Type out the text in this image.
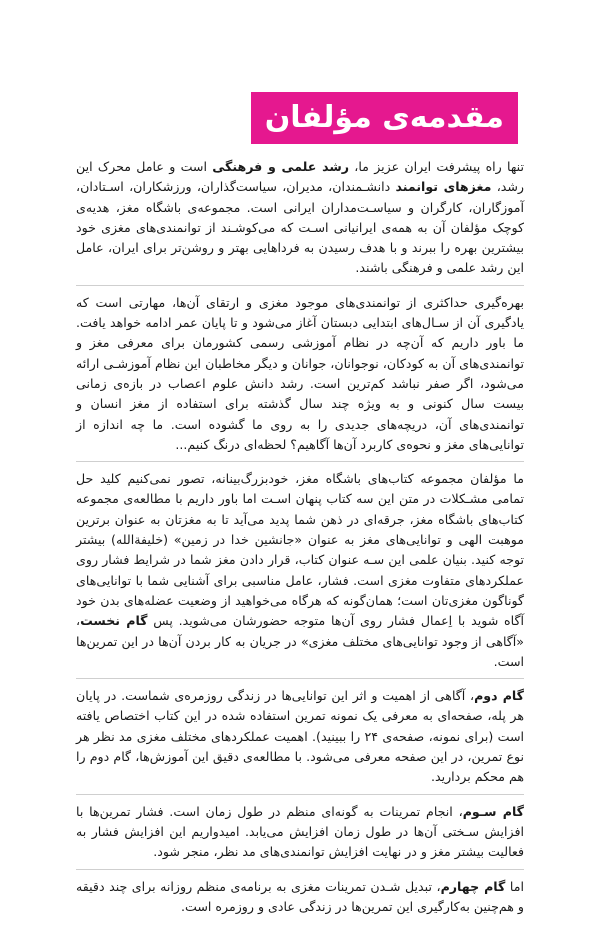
مقدمه‌ی مؤلفان

تنها راه پیشرفت ایران عزیز ما، رشد علمی و فرهنگی است و عامل محرک این رشد، مغزهای توانمند دانشـمندان، مدیران، سیاست‌گذاران، ورزشکاران، اسـتادان، آموزگاران، کارگران و سیاسـت‌مداران ایرانی است. مجموعه‌ی باشگاه مغز، هدیه‌ی کوچک مؤلفان آن به همه‌ی ایرانیانی اسـت که می‌کوشـند از توانمندی‌های مغزی خود بیشترین بهره را ببرند و با هدف رسیدن به فرداهایی بهتر و روشن‌تر برای ایران، عامل این رشد علمی و فرهنگی باشند.

بهره‌گیری حداکثری از توانمندی‌های موجود مغزی و ارتقای آن‌ها، مهارتی است که یادگیری آن از سـال‌های ابتدایی دبستان آغاز می‌شود و تا پایان عمر ادامه خواهد یافت. ما باور داریم که آن‌چه در نظام آموزشی رسمی کشورمان برای معرفی مغز و توانمندی‌های آن به کودکان، نوجوانان، جوانان و دیگر مخاطبان این نظام آموزشـی ارائه می‌شود، اگر صفر نباشد کم‌ترین است. رشد دانش علوم اعصاب در بازه‌ی زمانی بیست سال کنونی و به ویژه چند سال گذشته برای استفاده از مغز انسان و توانمندی‌های آن، دریچه‌های جدیدی را به روی ما گشوده است. ما چه اندازه از توانایی‌های مغز و نحوه‌ی کاربرد آن‌ها آگاهیم؟ لحظه‌ای درنگ کنیم...

ما مؤلفان مجموعه کتاب‌های باشگاه مغز، خودبزرگ‌بینانه، تصور نمی‌کنیم کلید حل تمامی مشـکلات در متن این سه کتاب پنهان اسـت اما باور داریم با مطالعه‌ی مجموعه کتاب‌های باشگاه مغز، جرقه‌ای در ذهن شما پدید می‌آید تا به مغزتان به عنوان برترین موهبت الهی و توانایی‌های مغز به عنوان «جانشین خدا در زمین» (خلیفةالله) بیشتر توجه کنید. بنیان علمی این سـه عنوان کتاب، قرار دادن مغز شما در شرایط فشار روی عملکردهای متفاوت مغزی است. فشار، عامل مناسبی برای آشنایی شما با توانایی‌های گوناگون مغزی‌تان است؛ همان‌گونه که هرگاه می‌خواهید از وضعیت عضله‌های بدن خود آگاه شوید با اِعمال فشار روی آن‌ها متوجه حضورشان می‌شوید. پس گام نخست، «آگاهی از وجود توانایی‌های مختلف مغزی» در جریان به کار بردن آن‌ها در این تمرین‌ها است.

گام دوم، آگاهی از اهمیت و اثر این توانایی‌ها در زندگی روزمره‌ی شماست. در پایان هر پله، صفحه‌ای به معرفی یک نمونه تمرین استفاده شده در این کتاب اختصاص یافته است (برای نمونه، صفحه‌ی ۲۴ را ببینید). اهمیت عملکردهای مختلف مغزی مد نظر هر نوع تمرین، در این صفحه معرفی می‌شود. با مطالعه‌ی دقیق این آموزش‌ها، گام دوم را هم محکم بردارید.

گام سـوم، انجام تمرینات به گونه‌ای منظم در طول زمان است. فشار تمرین‌ها با افزایش سـختی آن‌ها در طول زمان افزایش می‌یابد. امیدواریم این افزایش فشار به فعالیت بیشتر مغز و در نهایت افزایش توانمندی‌های مد نظر، منجر شود.

اما گام چهارم، تبدیل شـدن تمرینات مغزی به برنامه‌ی منظم روزانه برای چند دقیقه و هم‌چنین به‌کارگیری این تمرین‌ها در زندگی عادی و روزمره است.
